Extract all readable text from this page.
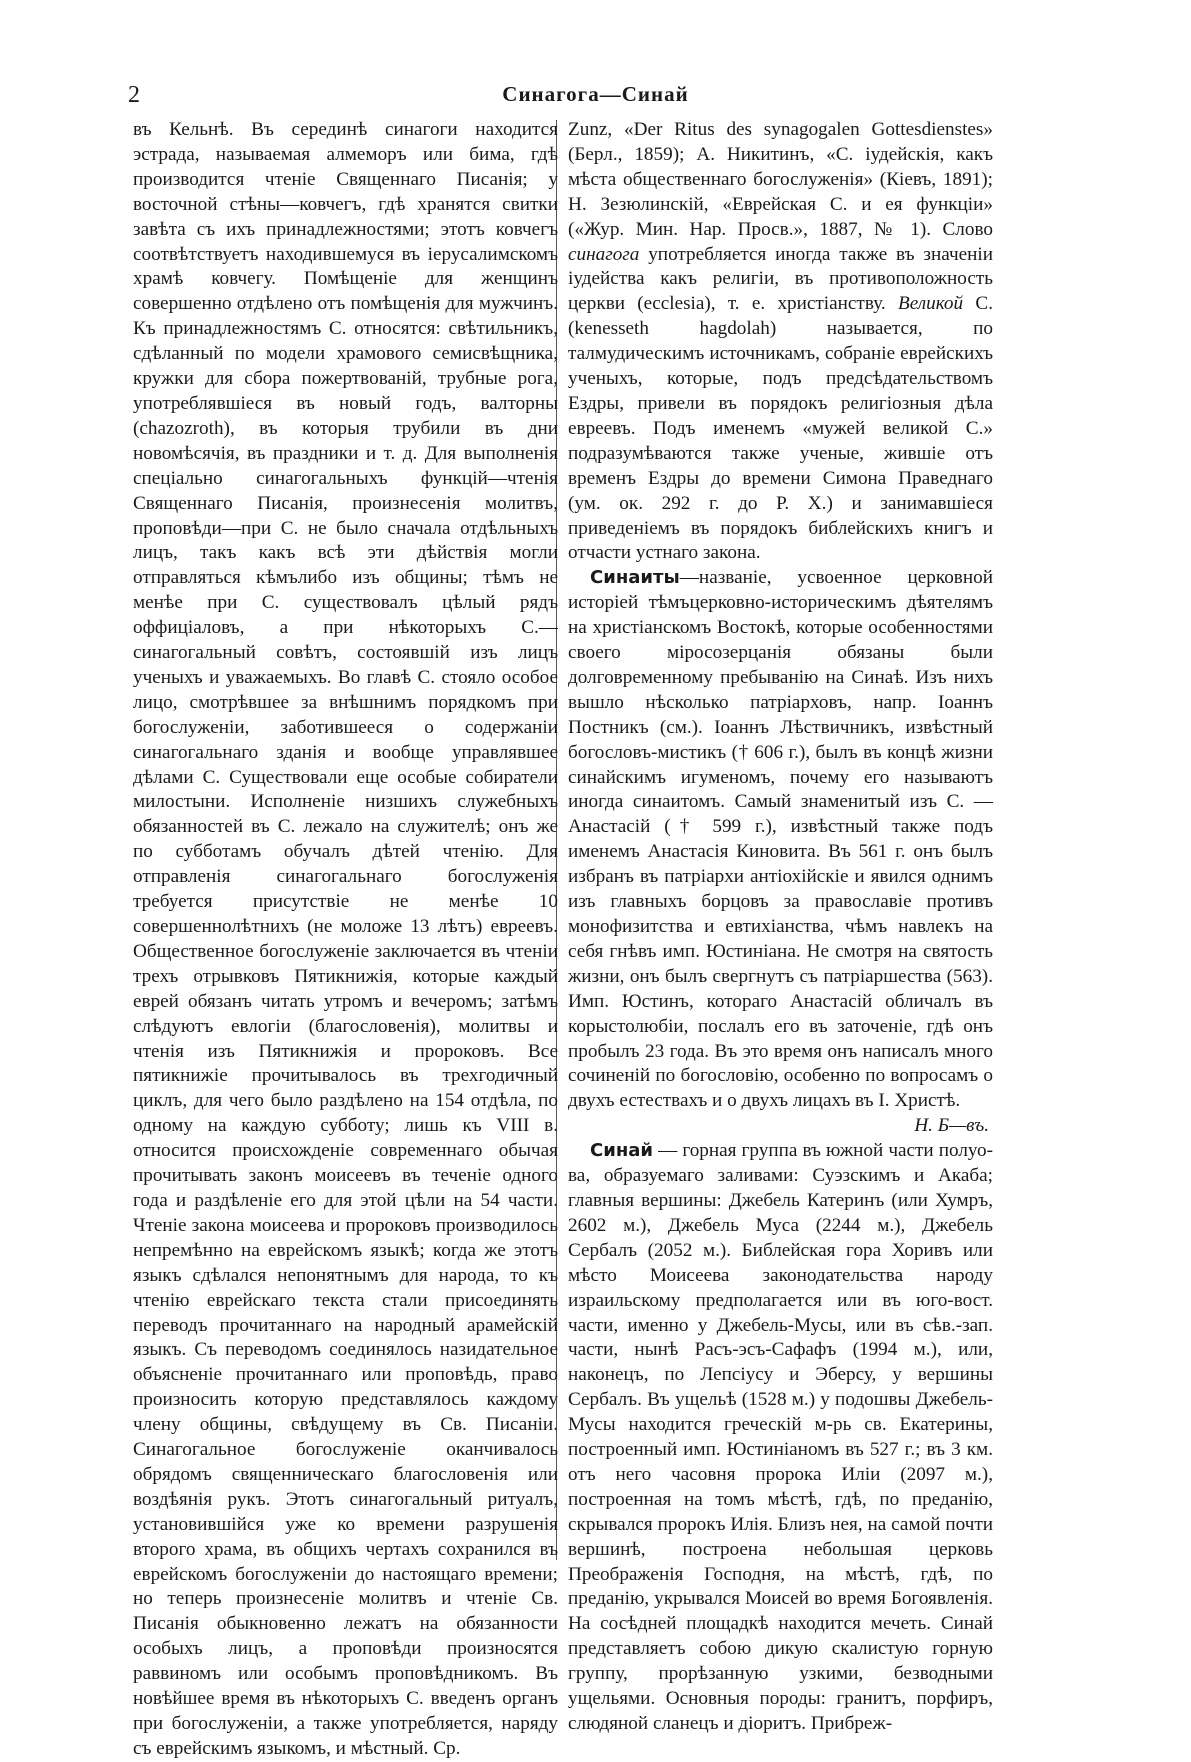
2	Синагога—Синай

въ Кельнѣ. Въ серединѣ синагоги находится эстрада, называемая алмеморъ или бима, гдѣ производится чтеніе Священнаго Писанія; у восточной стѣны—ковчегъ, гдѣ хранятся свитки завѣта съ ихъ принадлежностями; этотъ ковчегъ соотвѣтствуетъ находившемуся въ іерусалимскомъ храмѣ ковчегу. Помѣщеніе для женщинъ совершенно отдѣлено отъ помѣщенія для мужчинъ. Къ принадлежностямъ С. относятся: свѣтильникъ, сдѣланный по модели храмового семисвѣщника, кружки для сбора пожертвованій, трубные рога, употреблявшіеся въ новый годъ, валторны (chazozroth), въ которыя трубили въ дни новомѣсячія, въ праздники и т. д. Для выполненія спеціально синагогальныхъ функцій—чтенія Священнаго Писанія, произнесенія молитвъ, проповѣди—при С. не было сначала отдѣльныхъ лицъ, такъ какъ всѣ эти дѣйствія могли отправляться кѣмълибо изъ общины; тѣмъ не менѣе при С. существовалъ цѣлый рядъ оффиціаловъ, а при нѣкоторыхъ С.—синагогальный совѣтъ, состоявшій изъ лицъ ученыхъ и уважаемыхъ. Во главѣ С. стояло особое лицо, смотрѣвшее за внѣшнимъ порядкомъ при богослуженіи, заботившееся о содержаніи синагогальнаго зданія и вообще управлявшее дѣлами С. Существовали еще особые собиратели милостыни. Исполненіе низшихъ служебныхъ обязанностей въ С. лежало на служителѣ; онъ же по субботамъ обучалъ дѣтей чтенію. Для отправленія синагогальнаго богослуженія требуется присутствіе не менѣе 10 совершеннолѣтнихъ (не моложе 13 лѣтъ) евреевъ. Общественное богослуженіе заключается въ чтеніи трехъ отрывковъ Пятикнижія, которые каждый еврей обязанъ читать утромъ и вечеромъ; затѣмъ слѣдуютъ евлогіи (благословенія), молитвы и чтенія изъ Пятикнижія и пророковъ. Все пятикнижіе прочитывалось въ трехгодичный циклъ, для чего было раздѣлено на 154 отдѣла, по одному на каждую субботу; лишь къ VIII в. относится происхожденіе современнаго обычая прочитывать законъ моисеевъ въ теченіе одного года и раздѣленіе его для этой цѣли на 54 части. Чтеніе закона моисеева и пророковъ производилось непремѣнно на еврейскомъ языкѣ; когда же этотъ языкъ сдѣлался непонятнымъ для народа, то къ чтенію еврейскаго текста стали присоединять переводъ прочитаннаго на народный арамейскій языкъ. Съ переводомъ соединялось назидательное объясненіе прочитаннаго или проповѣдь, право произносить которую представлялось каждому члену общины, свѣдущему въ Св. Писаніи. Синагогальное богослуженіе оканчивалось обрядомъ священническаго благословенія или воздѣянія рукъ. Этотъ синагогальный ритуалъ, установившійся уже ко времени разрушенія второго храма, въ общихъ чертахъ сохранился въ еврейскомъ богослуженіи до настоящаго времени; но теперь произнесеніе молитвъ и чтеніе Св. Писанія обыкновенно лежатъ на обязанности особыхъ лицъ, а проповѣди произносятся раввиномъ или особымъ проповѣдникомъ. Въ новѣйшее время въ нѣкоторыхъ С. введенъ органъ при богослуженіи, а также употребляется, наряду съ еврейскимъ языкомъ, и мѣстный. Ср.

Zunz, «Der Ritus des synagogalen Gottesdienstes» (Берл., 1859); А. Никитинъ, «С. іудейскія, какъ мѣста общественнаго богослуженія» (Кіевъ, 1891); Н. Зезюлинскій, «Еврейская С. и ея функціи» («Жур. Мин. Нар. Просв.», 1887, № 1). Слово синагога употребляется иногда также въ значеніи іудейства какъ религіи, въ противоположность церкви (ecclesia), т. е. христіанству. Великой С. (kenesseth hagdolah) называется, по талмудическимъ источникамъ, собраніе еврейскихъ ученыхъ, которые, подъ предсѣдательствомъ Ездры, привели въ порядокъ религіозныя дѣла евреевъ. Подъ именемъ «мужей великой С.» подразумѣваются также ученые, жившіе отъ временъ Ездры до времени Симона Праведнаго (ум. ок. 292 г. до Р. Х.) и занимавшіеся приведеніемъ въ порядокъ библейскихъ книгъ и отчасти устнаго закона.

Синаиты—названіе, усвоенное церковной исторіей тѣмъцерковно-историческимъ дѣятелямъ на христіанскомъ Востокѣ, которые особенностями своего міросозерцанія обязаны были долговременному пребыванію на Синаѣ. Изъ нихъ вышло нѣсколько патріарховъ, напр. Іоаннъ Постникъ (см.). Іоаннъ Лѣствичникъ, извѣстный богословъ-мистикъ († 606 г.), былъ въ концѣ жизни синайскимъ игуменомъ, почему его называютъ иногда синаитомъ. Самый знаменитый изъ С. — Анастасій († 599 г.), извѣстный также подъ именемъ Анастасія Киновита. Въ 561 г. онъ былъ избранъ въ патріархи антіохійскіе и явился однимъ изъ главныхъ борцовъ за православіе противъ монофизитства и евтихіанства, чѣмъ навлекъ на себя гнѣвъ имп. Юстиніана. Не смотря на святость жизни, онъ былъ свергнутъ съ патріаршества (563). Имп. Юстинъ, котораго Анастасій обличалъ въ корыстолюбіи, послалъ его въ заточеніе, гдѣ онъ пробылъ 23 года. Въ это время онъ написалъ много сочиненій по богословію, особенно по вопросамъ о двухъ естествахъ и о двухъ лицахъ въ І. Христѣ.
Н. Б—въ.

Синай — горная группа въ южной части полуо-ва, образуемаго заливами: Суэзскимъ и Акаба; главныя вершины: Джебель Катеринъ (или Хумръ, 2602 м.), Джебель Муса (2244 м.), Джебель Сербалъ (2052 м.). Библейская гора Хоривъ или мѣсто Моисеева законодательства народу израильскому предполагается или въ юго-вост. части, именно у Джебель-Мусы, или въ сѣв.-зап. части, нынѣ Расъ-эсъ-Сафафъ (1994 м.), или, наконецъ, по Лепсіусу и Эберсу, у вершины Сербалъ. Въ ущельѣ (1528 м.) у подошвы Джебель-Мусы находится греческій м-рь св. Екатерины, построенный имп. Юстиніаномъ въ 527 г.; въ 3 км. отъ него часовня пророка Иліи (2097 м.), построенная на томъ мѣстѣ, гдѣ, по преданію, скрывался пророкъ Илія. Близъ нея, на самой почти вершинѣ, построена небольшая церковь Преображенія Господня, на мѣстѣ, гдѣ, по преданію, укрывался Моисей во время Богоявленія. На сосѣдней площадкѣ находится мечеть. Синай представляетъ собою дикую скалистую горную группу, прорѣзанную узкими, безводными ущельями. Основныя породы: гранитъ, порфиръ, слюдяной сланецъ и діоритъ. Прибреж-
